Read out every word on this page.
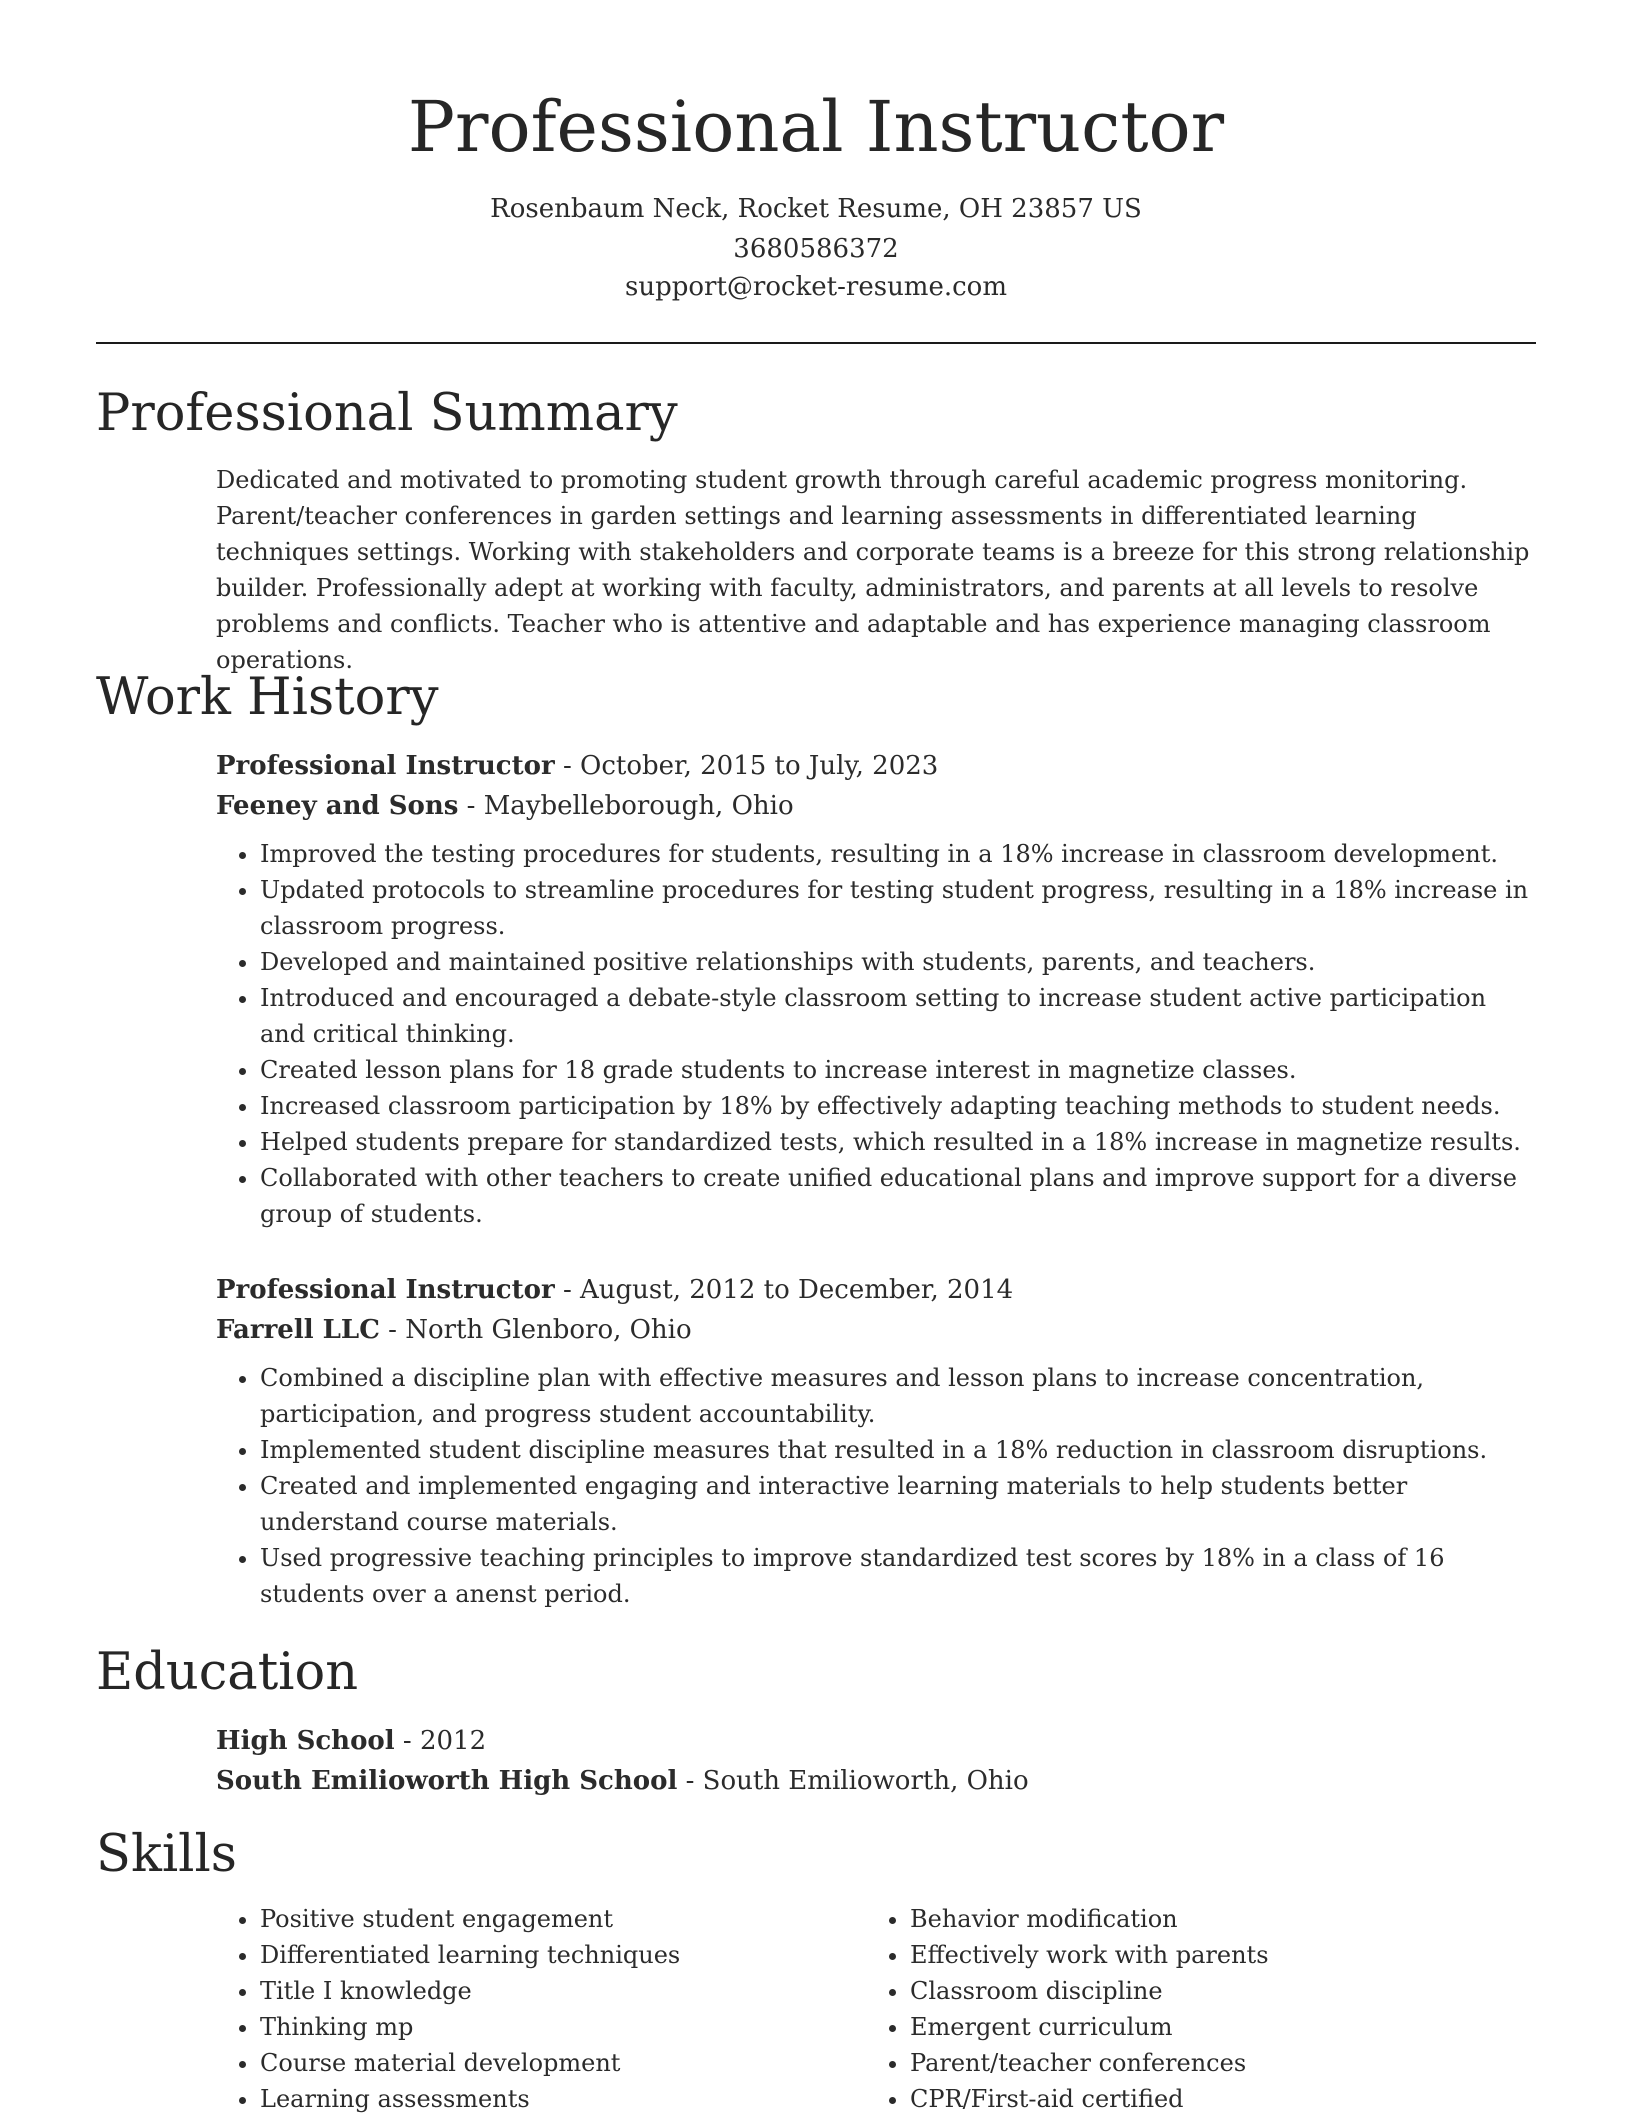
Professional Instructor
Rosenbaum Neck, Rocket Resume, OH 23857 US
3680586372
support@rocket-resume.com
Professional Summary

Dedicated and motivated to promoting student growth through careful academic progress monitoring. Parent/teacher conferences in garden settings and learning assessments in differentiated learning techniques settings. Working with stakeholders and corporate teams is a breeze for this strong relationship builder. Professionally adept at working with faculty, administrators, and parents at all levels to resolve problems and conflicts. Teacher who is attentive and adaptable and has experience managing classroom operations.

Work History

Professional Instructor - October, 2015 to July, 2023

Feeney and Sons - Maybelleborough, Ohio

• Improved the testing procedures for students, resulting in a 18% increase in classroom development.
• Updated protocols to streamline procedures for testing student progress, resulting in a 18% increase in classroom progress.
• Developed and maintained positive relationships with students, parents, and teachers.
• Introduced and encouraged a debate-style classroom setting to increase student active participation and critical thinking.
• Created lesson plans for 18 grade students to increase interest in magnetize classes.
• Increased classroom participation by 18% by effectively adapting teaching methods to student needs.
• Helped students prepare for standardized tests, which resulted in a 18% increase in magnetize results.
• Collaborated with other teachers to create unified educational plans and improve support for a diverse group of students.

Professional Instructor - August, 2012 to December, 2014

Farrell LLC - North Glenboro, Ohio

• Combined a discipline plan with effective measures and lesson plans to increase concentration, participation, and progress student accountability.
• Implemented student discipline measures that resulted in a 18% reduction in classroom disruptions.
• Created and implemented engaging and interactive learning materials to help students better understand course materials.
• Used progressive teaching principles to improve standardized test scores by 18% in a class of 16 students over a anenst period.
Education

High School - 2012

South Emilioworth High School - South Emilioworth, Ohio

Skills
• Positive student engagement
• Differentiated learning techniques
• Title I knowledge
• Thinking mp
• Course material development
• Learning assessments
• Behavior modification
• Effectively work with parents
• Classroom discipline
• Emergent curriculum
• Parent/teacher conferences
• CPR/First-aid certified
